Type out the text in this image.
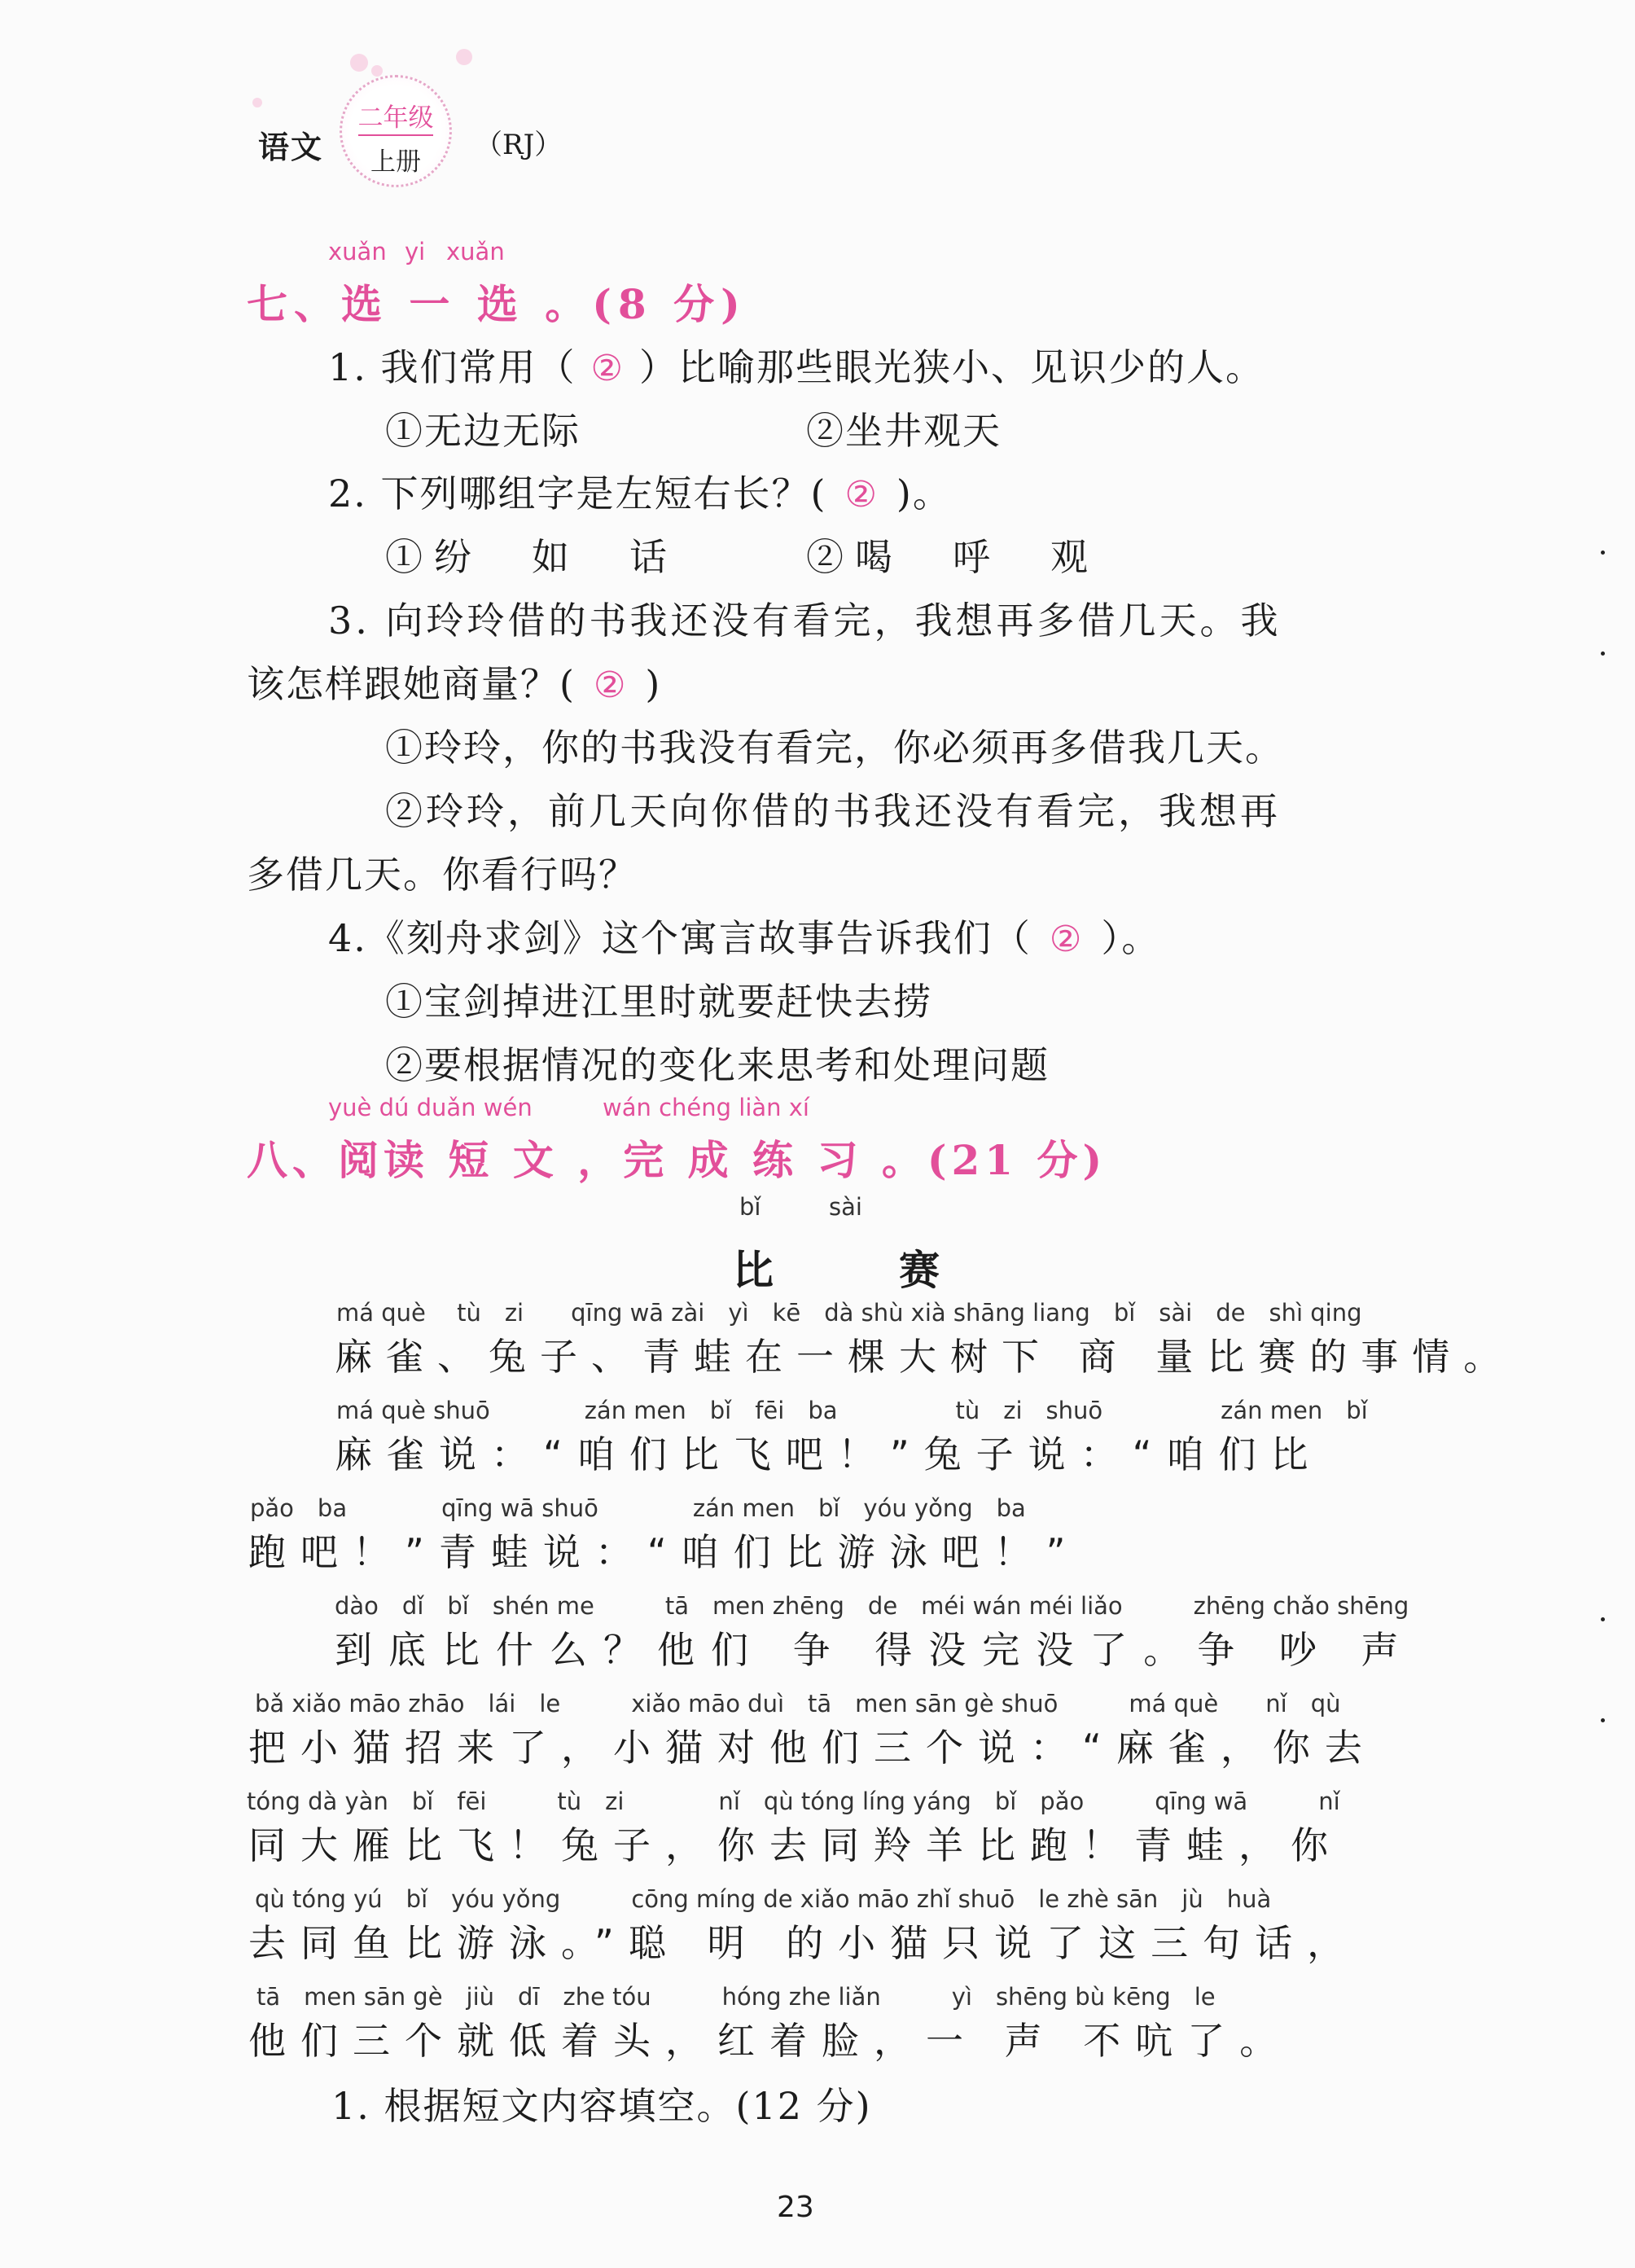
语文
二年级
上册
（RJ）
xuǎn yi xuǎn
七、选 一 选 。(8 分)
1. 我们常用（ ② ）比喻那些眼光狭小、见识少的人。
①无边无际	②坐井观天
2. 下列哪组字是左短右长？( ② )。
①纷　如　话	②喝　呼　观
3. 向玲玲借的书我还没有看完，我想再多借几天。我
该怎样跟她商量？( ② )
①玲玲，你的书我没有看完，你必须再多借我几天。
②玲玲，前几天向你借的书我还没有看完，我想再
多借几天。你看行吗？
4.《刻舟求剑》这个寓言故事告诉我们（ ② ）。
①宝剑掉进江里时就要赶快去捞
②要根据情况的变化来思考和处理问题
yuè dú duǎn wén	wán chéng liàn xí
八、阅读 短 文 ，完 成 练 习 。(21 分)
bǐ	sài
比　赛
má què　 tù　zi　　qīng wā zài　yì　kē　dà shù xià shāng liang　bǐ　sài　de　shì qing
麻雀、兔子、青蛙在一棵大树下 商 量比赛的事情。
má què shuō　　　　zán men　bǐ　fēi　ba　　　　　tù　zi　shuō　　　　　zán men　bǐ
麻雀说：“咱们比飞吧！”兔子说：“咱们比
pǎo　ba　　　　qīng wā shuō　　　　zán men　bǐ　yóu yǒng　ba
跑吧！”青蛙说：“咱们比游泳吧！”
dào　dǐ　bǐ　shén me　　　tā　men zhēng　de　méi wán méi liǎo　　　zhēng chǎo shēng
到底比什么？他们 争 得没完没了。争 吵 声
bǎ xiǎo māo zhāo　lái　le　　　xiǎo māo duì　tā　men sān gè shuō　　　má què　　nǐ　qù
把小猫招来了，小猫对他们三个说：“麻雀，你去
tóng dà yàn　bǐ　fēi　　　tù　zi　　　　nǐ　qù tóng líng yáng　bǐ　pǎo　　　qīng wā　　　nǐ
同大雁比飞！兔子，你去同羚羊比跑！青蛙，你
qù tóng yú　bǐ　yóu yǒng　　　cōng míng de xiǎo māo zhǐ shuō　le zhè sān　jù　huà
去同鱼比游泳。”聪 明 的小猫只说了这三句话，
tā　men sān gè　jiù　dī　zhe tóu　　　hóng zhe liǎn　　　yì　shēng bù kēng　le
他们三个就低着头，红着脸，一 声 不吭了。
1. 根据短文内容填空。(12 分)
23
